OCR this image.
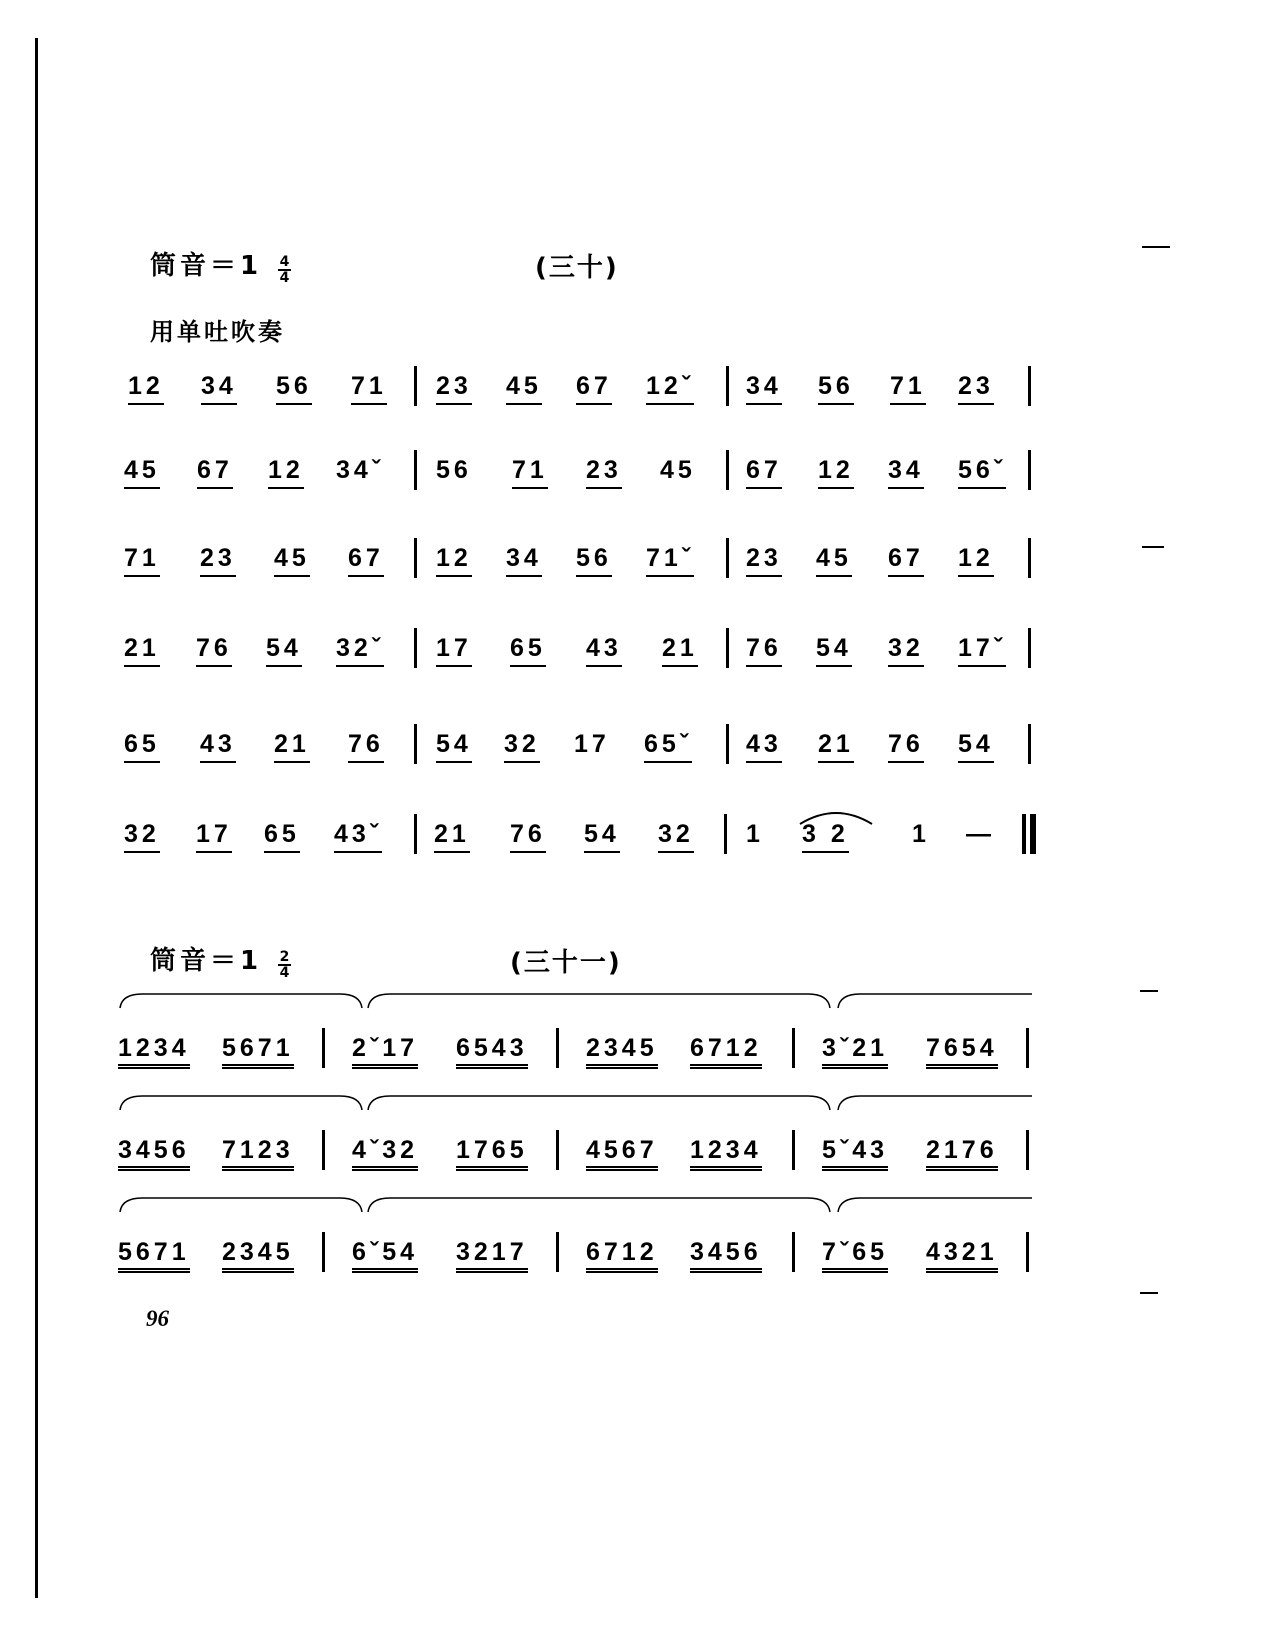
筒音$=1 \frac{4}{4}$	(三十)
用单吐吹奏
12 34 56 71 23 45 67 12ˇ 34 56 71 23
45 67 12 34ˇ 56 71 23 45 67 12 34 56ˇ
71 23 45 67 12 34 56 71ˇ 23 45 67 12
21 76 54 32ˇ 17 65 43 21 76 54 32 17ˇ
65 43 21 76 54 32 17 65ˇ 43 21 76 54
32 17 65 43ˇ 21 76 54 32 1 3 2	1 —
筒音$=1 \frac{2}{4}$	(三十一)
1234 5671 2ˇ17 6543 2345 6712 3ˇ21 7654
3456 7123 4ˇ32 1765 4567 1234 5ˇ43 2176
5671 2345 6ˇ54 3217 6712 3456 7ˇ65 4321
96
